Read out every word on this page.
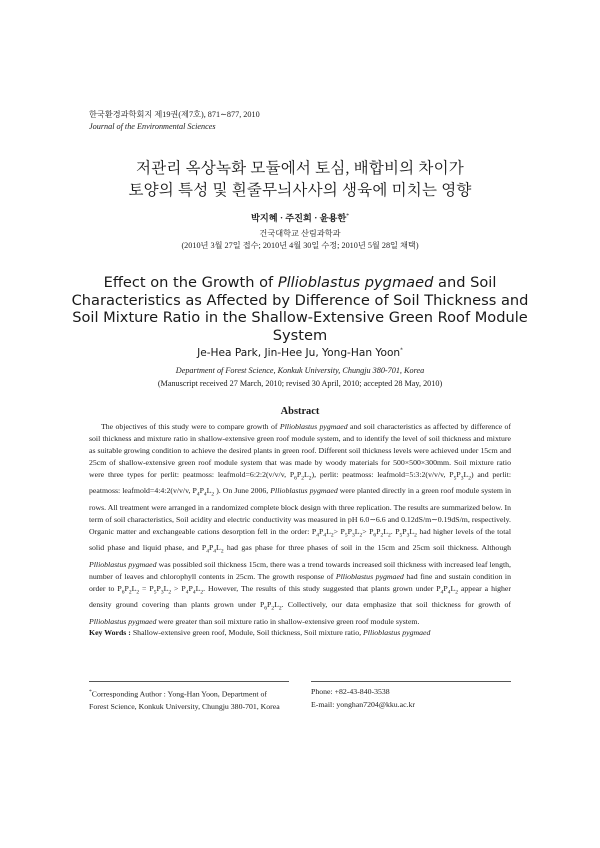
한국환경과학회지 제19권(제7호), 871∼877, 2010
Journal of the Environmental Sciences
저관리 옥상녹화 모듈에서 토심, 배합비의 차이가
토양의 특성 및 흰줄무늬사사의 생육에 미치는 영향
박지혜 · 주진희 · 윤용한*
건국대학교 산림과학과
(2010년 3월 27일 접수; 2010년 4월 30일 수정; 2010년 5월 28일 채택)
Effect on the Growth of Pllioblastus pygmaed and Soil Characteristics as Affected by Difference of Soil Thickness and Soil Mixture Ratio in the Shallow-Extensive Green Roof Module System
Je-Hea Park, Jin-Hee Ju, Yong-Han Yoon*
Department of Forest Science, Konkuk University, Chungju 380-701, Korea
(Manuscript received 27 March, 2010; revised 30 April, 2010; accepted 28 May, 2010)
Abstract

The objectives of this study were to compare growth of Pllioblastus pygmaed and soil characteristics as affected by difference of soil thickness and mixture ratio in shallow-extensive green roof module system, and to identify the level of soil thickness and mixture as suitable growing condition to achieve the desired plants in green roof. Different soil thickness levels were achieved under 15cm and 25cm of shallow-extensive green roof module system that was made by woody materials for 500×500×300mm. Soil mixture ratio were three types for perlit: peatmoss: leafmold=6:2:2(v/v/v, $P_6P_2L_2$), perlit: peatmoss: leafmold=5:3:2(v/v/v, $P_5P_3L_2$) and perlit: peatmoss: leafmold=4:4:2(v/v/v, $P_4P_4L_2$ ). On June 2006, Pllioblastus pygmaed were planted directly in a green roof module system in rows. All treatment were arranged in a randomized complete block design with three replication. The results are summarized below. In term of soil characteristics, Soil acidity and electric conductivity was measured in pH 6.0∼6.6 and 0.12dS/m∼0.19dS/m, respectively. Organic matter and exchangeable cations desorption fell in the order: $P_4P_4L_2> P_5P_3L_2> P_6P_2L_2$. $P_5P_3L_2$ had higher levels of the total solid phase and liquid phase, and $P_4P_4L_2$ had gas phase for three phases of soil in the 15cm and 25cm soil thickness. Although Pllioblastus pygmaed was possibled soil thickness 15cm, there was a trend towards increased soil thickness with increased leaf length, number of leaves and chlorophyll contents in 25cm. The growth response of Pllioblastus pygmaed had fine and sustain condition in order to $P_6P_2L_2 = P_5P_3L_2 > P_4P_4L_2$. However, The results of this study suggested that plants grown under $P_4P_4L_2$ appear a higher density ground covering than plants grown under $P_6P_2L_2$. Collectively, our data emphasize that soil thickness for growth of Pllioblastus pygmaed were greater than soil mixture ratio in shallow-extensive green roof module system.

Key Words : Shallow-extensive green roof, Module, Soil thickness, Soil mixture ratio, Pllioblastus pygmaed
*Corresponding Author : Yong-Han Yoon, Department of
Forest Science, Konkuk University, Chungju 380-701, Korea
Phone: +82-43-840-3538
E-mail: yonghan7204@kku.ac.kr
